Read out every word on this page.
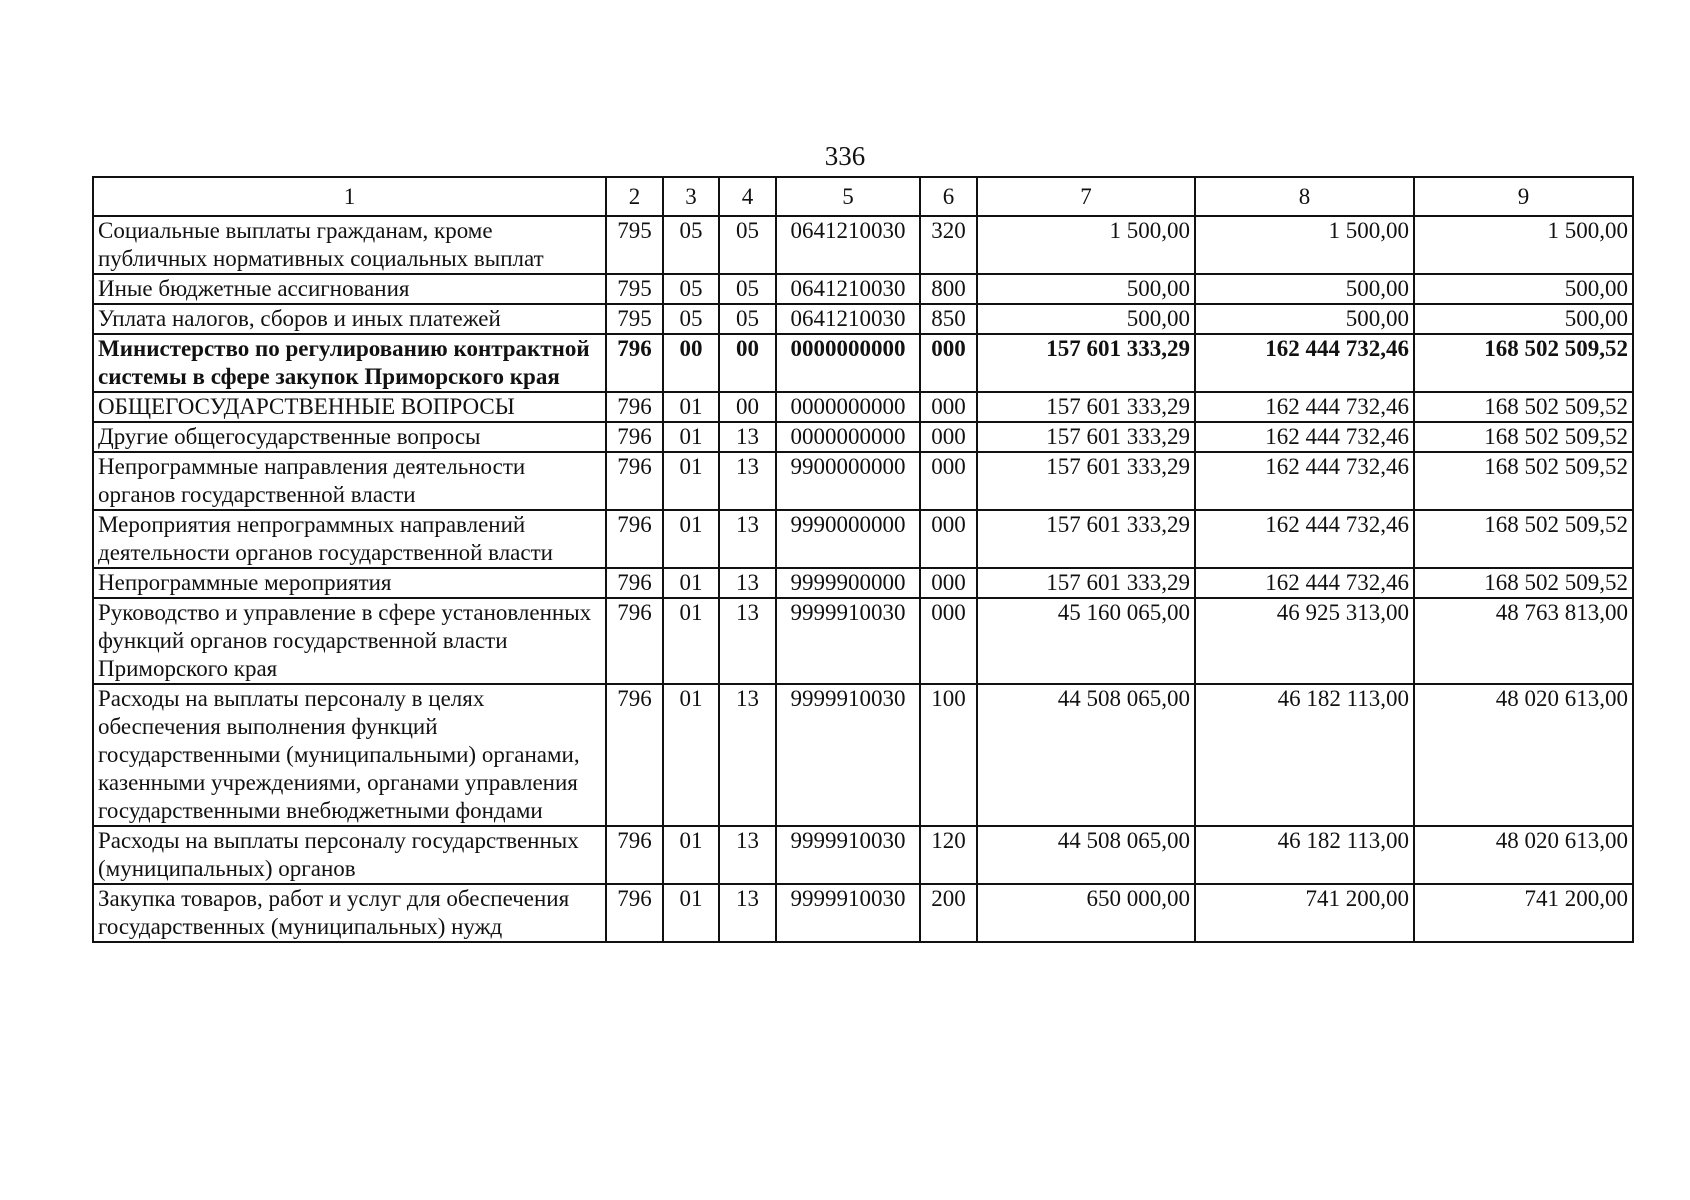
336
1	2	3	4	5	6	7	8	9
Социальные выплаты гражданам, кроме публичных нормативных социальных выплат	795	05	05	0641210030	320	1 500,00	1 500,00	1 500,00
Иные бюджетные ассигнования	795	05	05	0641210030	800	500,00	500,00	500,00
Уплата налогов, сборов и иных платежей	795	05	05	0641210030	850	500,00	500,00	500,00
Министерство по регулированию контрактной системы в сфере закупок Приморского края	796	00	00	0000000000	000	157 601 333,29	162 444 732,46	168 502 509,52
ОБЩЕГОСУДАРСТВЕННЫЕ ВОПРОСЫ	796	01	00	0000000000	000	157 601 333,29	162 444 732,46	168 502 509,52
Другие общегосударственные вопросы	796	01	13	0000000000	000	157 601 333,29	162 444 732,46	168 502 509,52
Непрограммные направления деятельности органов государственной власти	796	01	13	9900000000	000	157 601 333,29	162 444 732,46	168 502 509,52
Мероприятия непрограммных направлений деятельности органов государственной власти	796	01	13	9990000000	000	157 601 333,29	162 444 732,46	168 502 509,52
Непрограммные мероприятия	796	01	13	9999900000	000	157 601 333,29	162 444 732,46	168 502 509,52
Руководство и управление в сфере установленных функций органов государственной власти Приморского края	796	01	13	9999910030	000	45 160 065,00	46 925 313,00	48 763 813,00
Расходы на выплаты персоналу в целях обеспечения выполнения функций государственными (муниципальными) органами, казенными учреждениями, органами управления государственными внебюджетными фондами	796	01	13	9999910030	100	44 508 065,00	46 182 113,00	48 020 613,00
Расходы на выплаты персоналу государственных (муниципальных) органов	796	01	13	9999910030	120	44 508 065,00	46 182 113,00	48 020 613,00
Закупка товаров, работ и услуг для обеспечения государственных (муниципальных) нужд	796	01	13	9999910030	200	650 000,00	741 200,00	741 200,00
